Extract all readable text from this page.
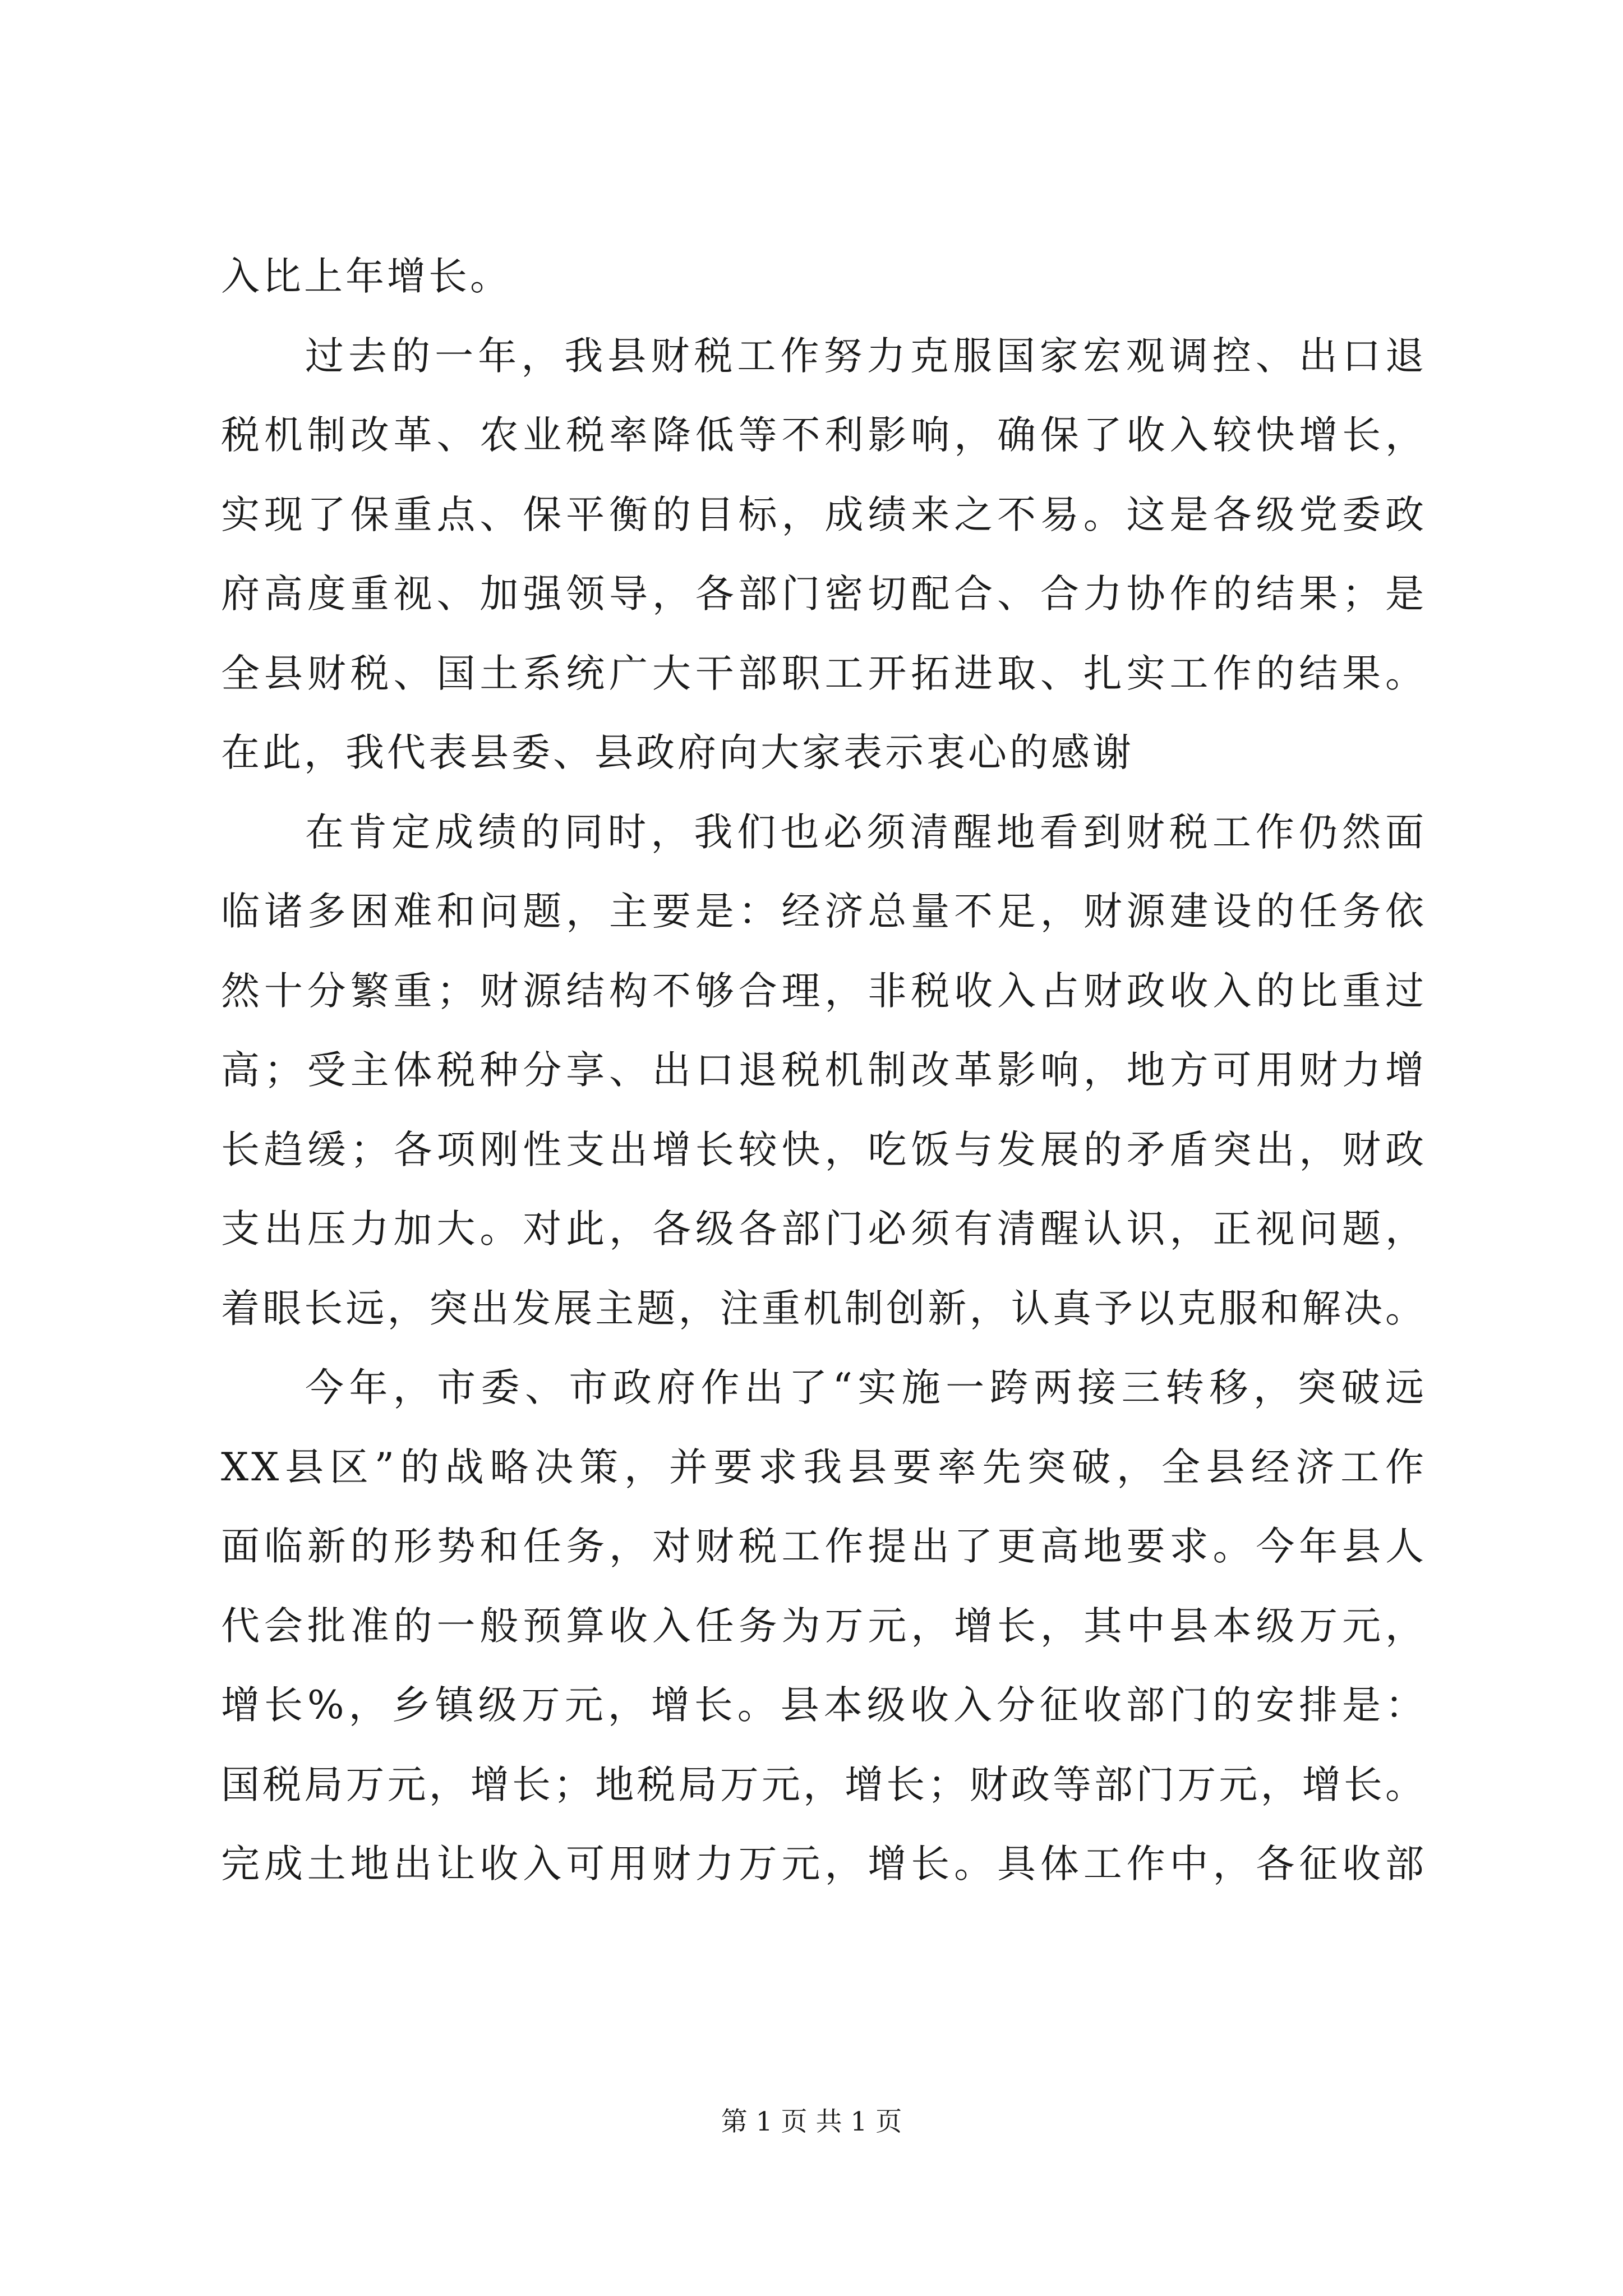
入比上年增长。
过去的一年，我县财税工作努力克服国家宏观调控、出口退
税机制改革、农业税率降低等不利影响，确保了收入较快增长，
实现了保重点、保平衡的目标，成绩来之不易。这是各级党委政
府高度重视、加强领导，各部门密切配合、合力协作的结果；是
全县财税、国土系统广大干部职工开拓进取、扎实工作的结果。
在此，我代表县委、县政府向大家表示衷心的感谢
在肯定成绩的同时，我们也必须清醒地看到财税工作仍然面
临诸多困难和问题，主要是：经济总量不足，财源建设的任务依
然十分繁重；财源结构不够合理，非税收入占财政收入的比重过
高；受主体税种分享、出口退税机制改革影响，地方可用财力增
长趋缓；各项刚性支出增长较快，吃饭与发展的矛盾突出，财政
支出压力加大。对此，各级各部门必须有清醒认识，正视问题，
着眼长远，突出发展主题，注重机制创新，认真予以克服和解决。
今年，市委、市政府作出了“实施一跨两接三转移，突破远
XX县区”的战略决策，并要求我县要率先突破，全县经济工作
面临新的形势和任务，对财税工作提出了更高地要求。今年县人
代会批准的一般预算收入任务为万元，增长，其中县本级万元，
增长%，乡镇级万元，增长。县本级收入分征收部门的安排是：
国税局万元，增长；地税局万元，增长；财政等部门万元，增长。
完成土地出让收入可用财力万元，增长。具体工作中，各征收部
第 1 页 共 1 页
